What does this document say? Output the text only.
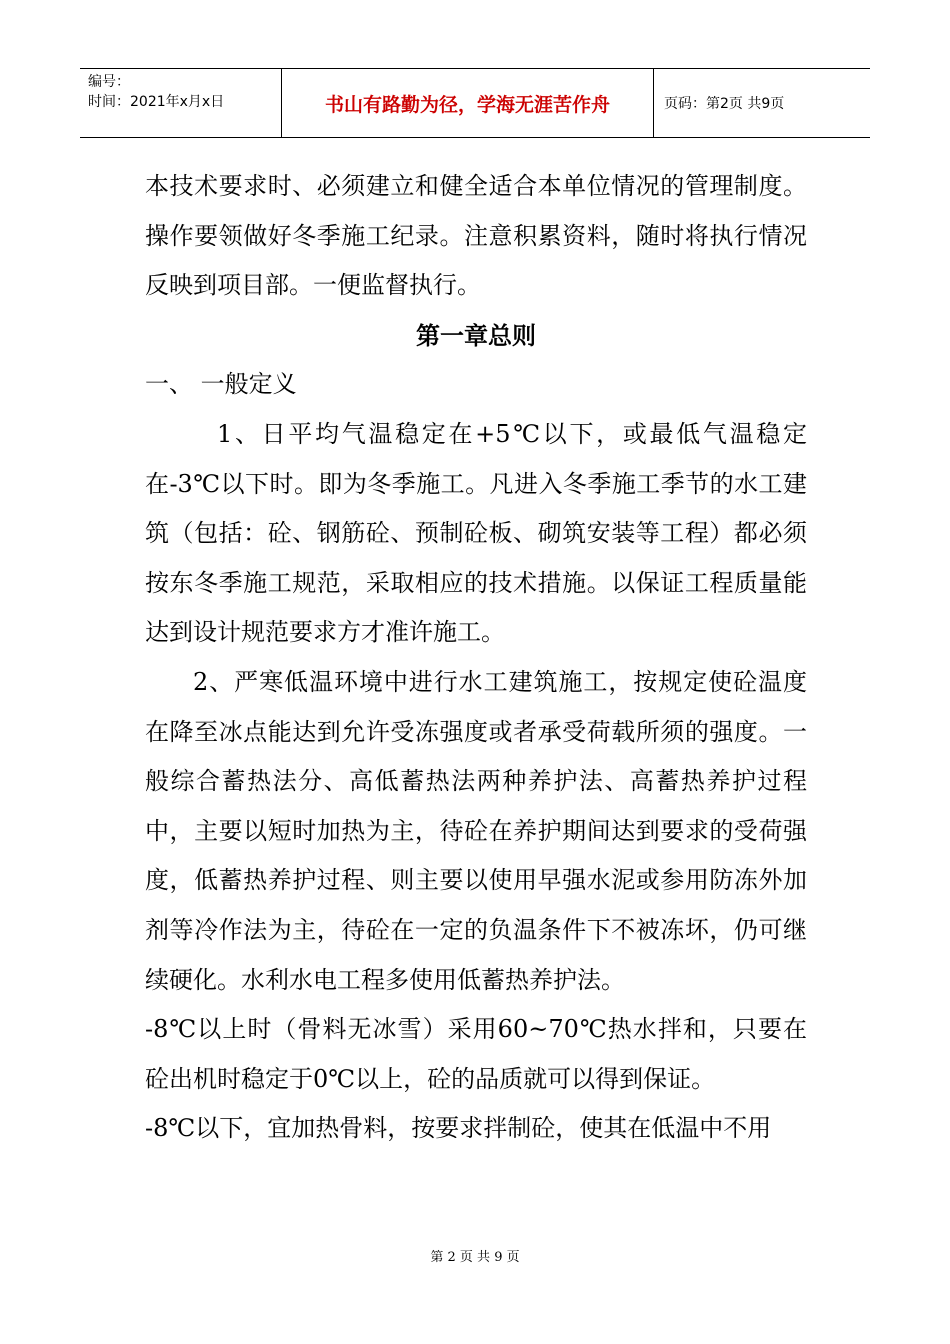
编号：
时间：2021年x月x日	书山有路勤为径，学海无涯苦作舟	页码：第2页 共9页

本技术要求时、必须建立和健全适合本单位情况的管理制度。操作要领做好冬季施工纪录。注意积累资料，随时将执行情况反映到项目部。一便监督执行。

第一章总则

一、 一般定义

1、日平均气温稳定在+5℃以下，或最低气温稳定在-3℃以下时。即为冬季施工。凡进入冬季施工季节的水工建筑（包括：砼、钢筋砼、预制砼板、砌筑安装等工程）都必须按东冬季施工规范，采取相应的技术措施。以保证工程质量能达到设计规范要求方才准许施工。

2、严寒低温环境中进行水工建筑施工，按规定使砼温度在降至冰点能达到允许受冻强度或者承受荷载所须的强度。一般综合蓄热法分、高低蓄热法两种养护法、高蓄热养护过程中，主要以短时加热为主，待砼在养护期间达到要求的受荷强度，低蓄热养护过程、则主要以使用早强水泥或参用防冻外加剂等冷作法为主，待砼在一定的负温条件下不被冻坏，仍可继续硬化。水利水电工程多使用低蓄热养护法。

-8℃以上时（骨料无冰雪）采用60~70℃热水拌和，只要在砼出机时稳定于0℃以上，砼的品质就可以得到保证。

-8℃以下，宜加热骨料，按要求拌制砼，使其在低温中不用

第 2 页 共 9 页
